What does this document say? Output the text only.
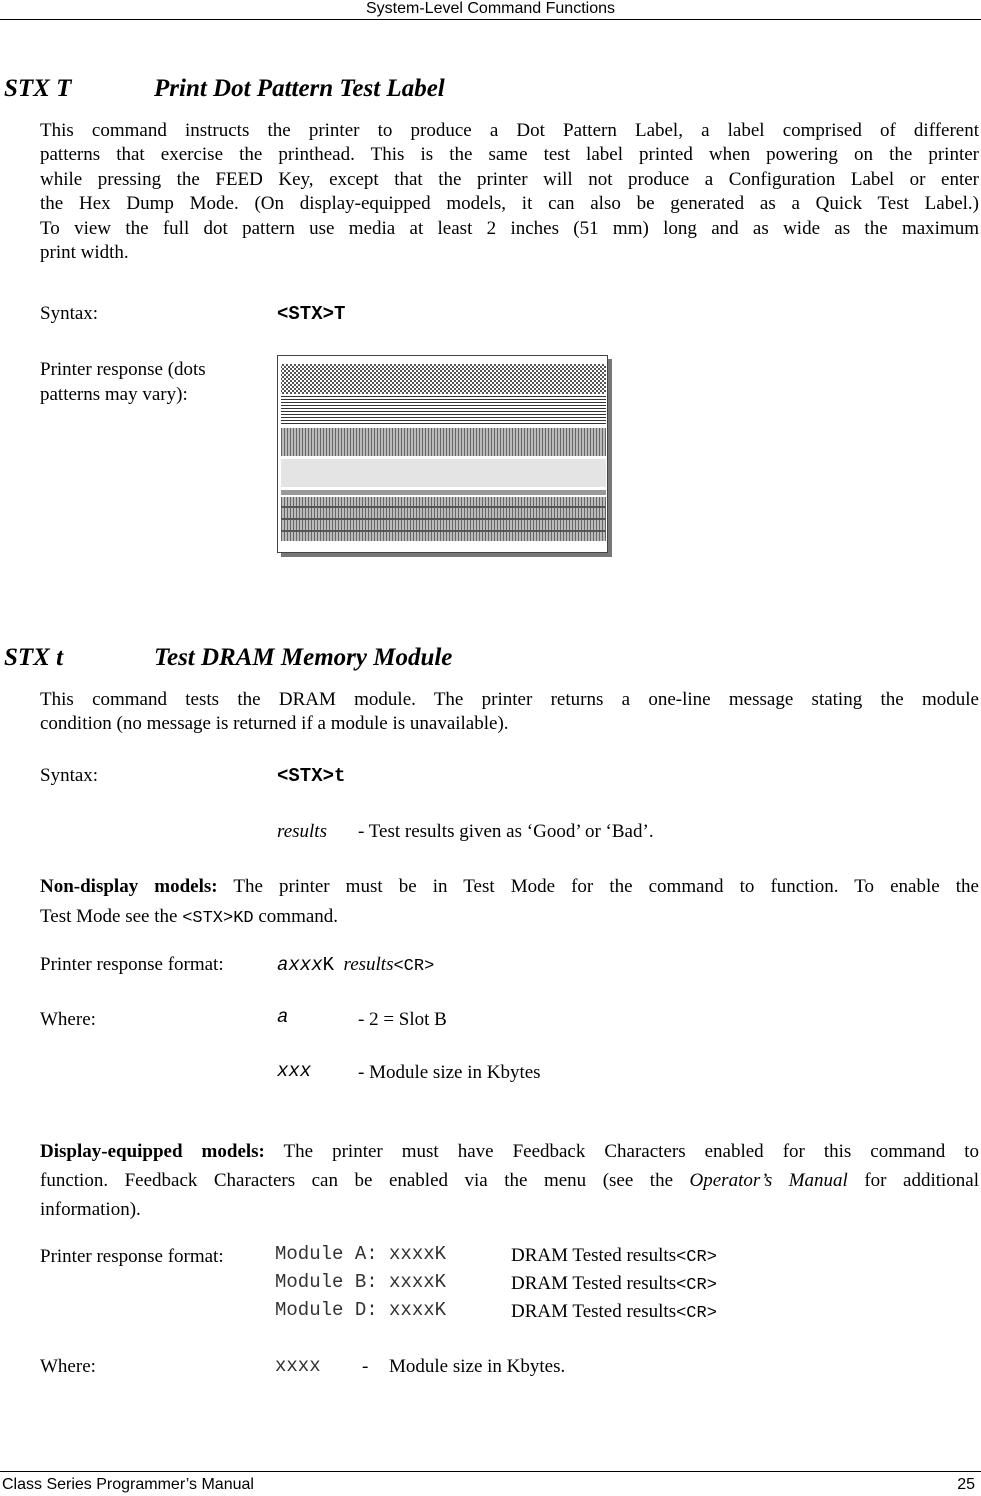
System-Level Command Functions
STX T	Print Dot Pattern Test Label
This command instructs the printer to produce a Dot Pattern Label, a label comprised of different
patterns that exercise the printhead. This is the same test label printed when powering on the printer
while pressing the FEED Key, except that the printer will not produce a Configuration Label or enter
the Hex Dump Mode. (On display-equipped models, it can also be generated as a Quick Test Label.)
To view the full dot pattern use media at least 2 inches (51 mm) long and as wide as the maximum
print width.
Syntax:	<STX>T
Printer response (dots
patterns may vary):
STX t	Test DRAM Memory Module
This command tests the DRAM module. The printer returns a one-line message stating the module
condition (no message is returned if a module is unavailable).
Syntax:	<STX>t
results - Test results given as ‘Good’ or ‘Bad’.
Non-display models: The printer must be in Test Mode for the command to function. To enable the
Test Mode see the <STX>KD command.
Printer response format:	axxxK results<CR>
Where:	a	- 2 = Slot B
xxx - Module size in Kbytes
Display-equipped models: The printer must have Feedback Characters enabled for this command to
function. Feedback Characters can be enabled via the menu (see the Operator’s Manual for additional
information).
Printer response format:	Module A: xxxxK	DRAM Tested results<CR>
Module B: xxxxK	DRAM Tested results<CR>
Module D: xxxxK	DRAM Tested results<CR>
Where:	xxxx - Module size in Kbytes.
Class Series Programmer’s Manual	25
